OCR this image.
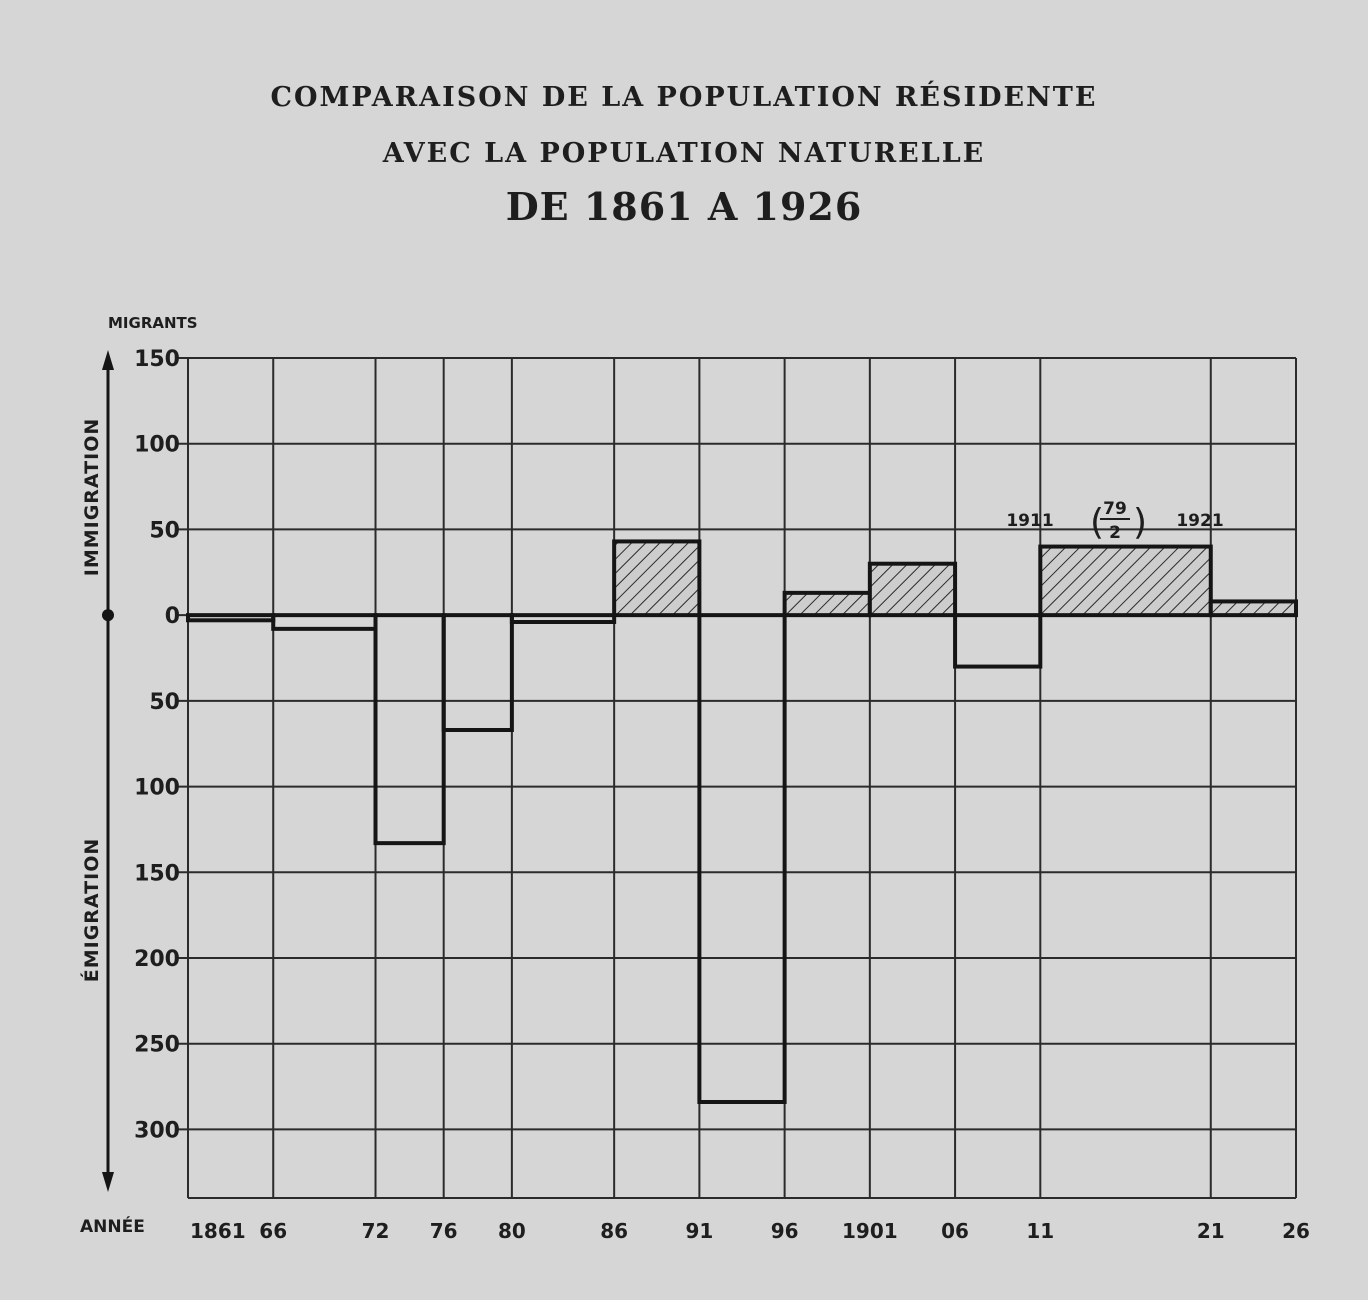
COMPARAISON DE LA POPULATION RÉSIDENTE
AVEC LA POPULATION NATURELLE
DE 1861 A 1926
MIGRANTS
IMMIGRATION
ÉMIGRATION
ANNÉE
1911
79
2
( ) 1921
1861 66	72 76 80	86	91	96 1901 06	11	21	26
150
100
50
0
50
100
150
200
250
300
